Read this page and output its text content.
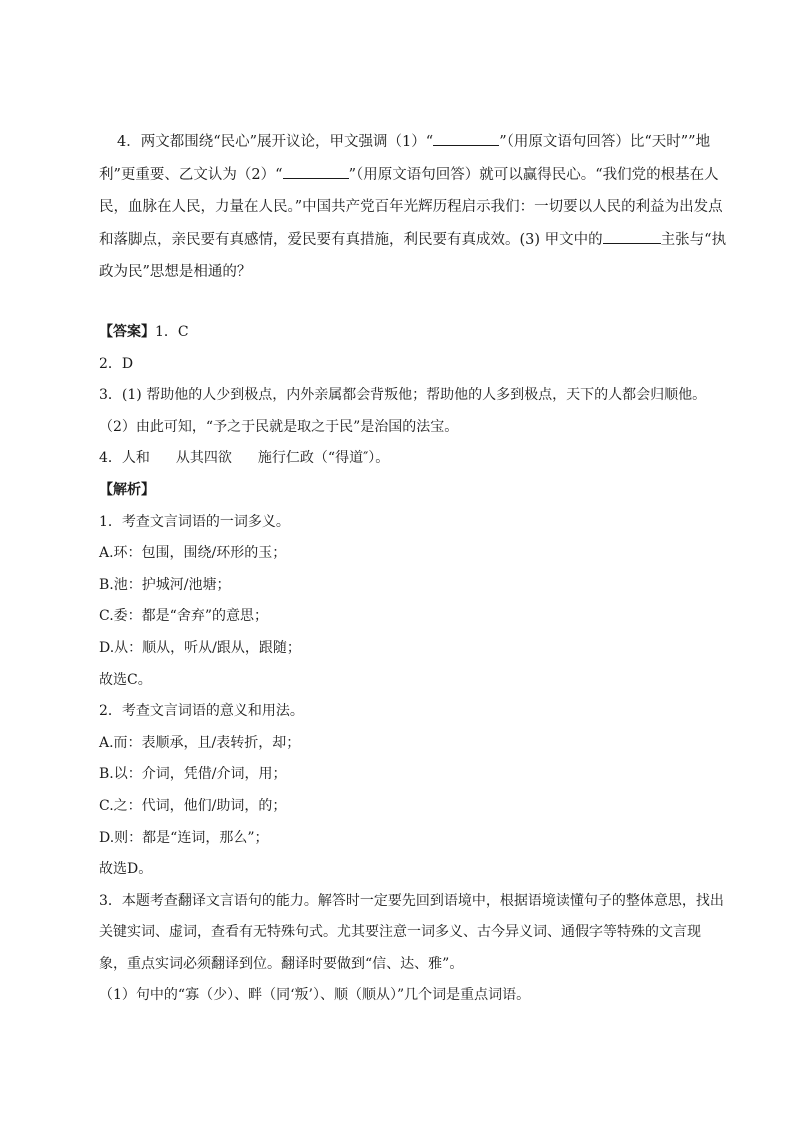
4．两文都围绕“民心”展开议论，甲文强调（1）“	”（用原文语句回答）比“天时””地利”更重要、乙文认为（2）“	”（用原文语句回答）就可以赢得民心。“我们党的根基在人民，血脉在人民，力量在人民。”中国共产党百年光辉历程启示我们：一切要以人民的利益为出发点和落脚点，亲民要有真感情，爱民要有真措施，利民要有真成效。(3) 甲文中的	主张与“执政为民”思想是相通的？

【答案】1．C
2．D
3．(1) 帮助他的人少到极点，内外亲属都会背叛他；帮助他的人多到极点，天下的人都会归顺他。
（2）由此可知，“予之于民就是取之于民”是治国的法宝。
4．人和 从其四欲 施行仁政（“得道″）。
【解析】
1．考查文言词语的一词多义。
A.环：包围，围绕/环形的玉；
B.池：护城河/池塘；
C.委：都是“舍弃”的意思；
D.从：顺从，听从/跟从，跟随；
故选C。
2．考查文言词语的意义和用法。
A.而：表顺承，且/表转折，却；
B.以：介词，凭借/介词，用；
C.之：代词，他们/助词，的；
D.则：都是“连词，那么”；
故选D。
3．本题考查翻译文言语句的能力。解答时一定要先回到语境中，根据语境读懂句子的整体意思，找出关键实词、虚词，查看有无特殊句式。尤其要注意一词多义、古今异义词、通假字等特殊的文言现象，重点实词必须翻译到位。翻译时要做到“信、达、雅”。
（1）句中的“寡（少）、畔（同‘叛’）、顺（顺从）”几个词是重点词语。
